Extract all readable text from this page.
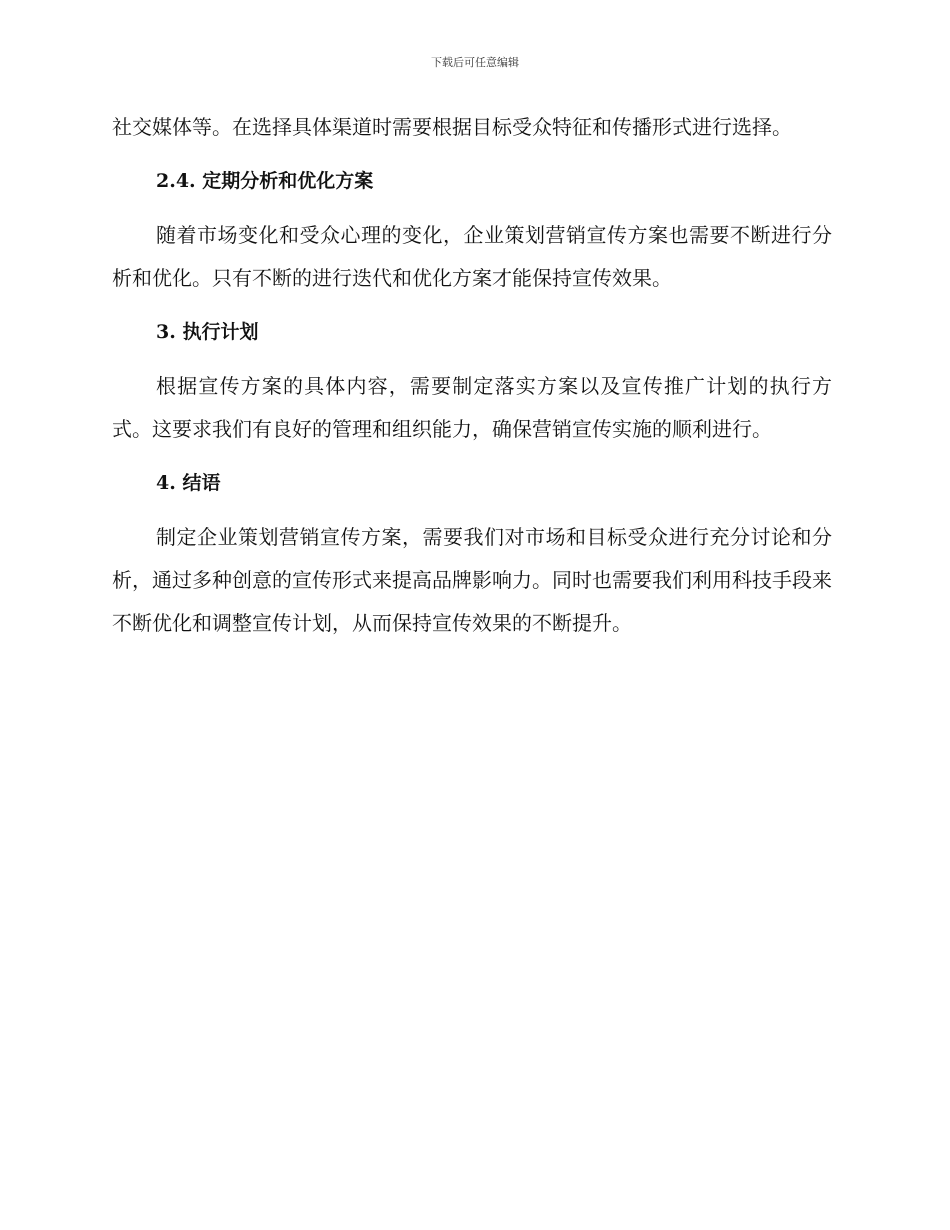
下载后可任意编辑

社交媒体等。在选择具体渠道时需要根据目标受众特征和传播形式进行选择。

2.4. 定期分析和优化方案

随着市场变化和受众心理的变化，企业策划营销宣传方案也需要不断进行分析和优化。只有不断的进行迭代和优化方案才能保持宣传效果。

3. 执行计划

根据宣传方案的具体内容，需要制定落实方案以及宣传推广计划的执行方式。这要求我们有良好的管理和组织能力，确保营销宣传实施的顺利进行。

4. 结语

制定企业策划营销宣传方案，需要我们对市场和目标受众进行充分讨论和分析，通过多种创意的宣传形式来提高品牌影响力。同时也需要我们利用科技手段来不断优化和调整宣传计划，从而保持宣传效果的不断提升。
